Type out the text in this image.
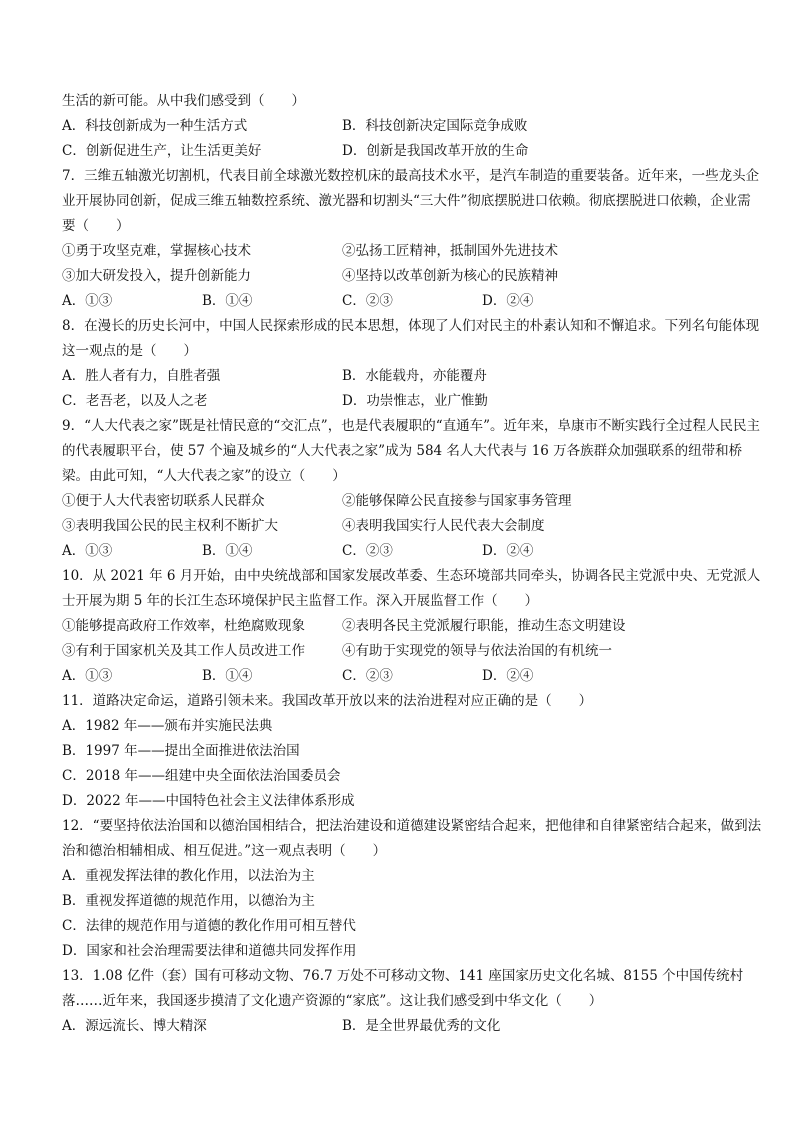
生活的新可能。从中我们感受到（　　）
A．科技创新成为一种生活方式	B．科技创新决定国际竞争成败
C．创新促进生产，让生活更美好	D．创新是我国改革开放的生命
7．三维五轴激光切割机，代表目前全球激光数控机床的最高技术水平，是汽车制造的重要装备。近年来，一些龙头企业开展协同创新，促成三维五轴数控系统、激光器和切割头“三大件”彻底摆脱进口依赖。彻底摆脱进口依赖，企业需要（　　）
①勇于攻坚克难，掌握核心技术	②弘扬工匠精神，抵制国外先进技术
③加大研发投入，提升创新能力	④坚持以改革创新为核心的民族精神
A．①③	B．①④	C．②③	D．②④
8．在漫长的历史长河中，中国人民探索形成的民本思想，体现了人们对民主的朴素认知和不懈追求。下列名句能体现这一观点的是（　　）
A．胜人者有力，自胜者强	B．水能载舟，亦能覆舟
C．老吾老，以及人之老	D．功崇惟志，业广惟勤
9．“人大代表之家”既是社情民意的“交汇点”，也是代表履职的“直通车”。近年来，阜康市不断实践行全过程人民民主的代表履职平台，使 57 个遍及城乡的“人大代表之家”成为 584 名人大代表与 16 万各族群众加强联系的纽带和桥梁。由此可知，“人大代表之家”的设立（　　）
①便于人大代表密切联系人民群众	②能够保障公民直接参与国家事务管理
③表明我国公民的民主权利不断扩大	④表明我国实行人民代表大会制度
A．①③	B．①④	C．②③	D．②④
10．从 2021 年 6 月开始，由中央统战部和国家发展改革委、生态环境部共同牵头，协调各民主党派中央、无党派人士开展为期 5 年的长江生态环境保护民主监督工作。深入开展监督工作（　　）
①能够提高政府工作效率，杜绝腐败现象	②表明各民主党派履行职能，推动生态文明建设
③有利于国家机关及其工作人员改进工作	④有助于实现党的领导与依法治国的有机统一
A．①③	B．①④	C．②③	D．②④
11．道路决定命运，道路引领未来。我国改革开放以来的法治进程对应正确的是（　　）
A．1982 年——颁布并实施民法典
B．1997 年——提出全面推进依法治国
C．2018 年——组建中央全面依法治国委员会
D．2022 年——中国特色社会主义法律体系形成
12．“要坚持依法治国和以德治国相结合，把法治建设和道德建设紧密结合起来，把他律和自律紧密结合起来，做到法治和德治相辅相成、相互促进。”这一观点表明（　　）
A．重视发挥法律的教化作用，以法治为主
B．重视发挥道德的规范作用，以德治为主
C．法律的规范作用与道德的教化作用可相互替代
D．国家和社会治理需要法律和道德共同发挥作用
13．1.08 亿件（套）国有可移动文物、76.7 万处不可移动文物、141 座国家历史文化名城、8155 个中国传统村落……近年来，我国逐步摸清了文化遗产资源的“家底”。这让我们感受到中华文化（　　）
A．源远流长、博大精深	B．是全世界最优秀的文化
